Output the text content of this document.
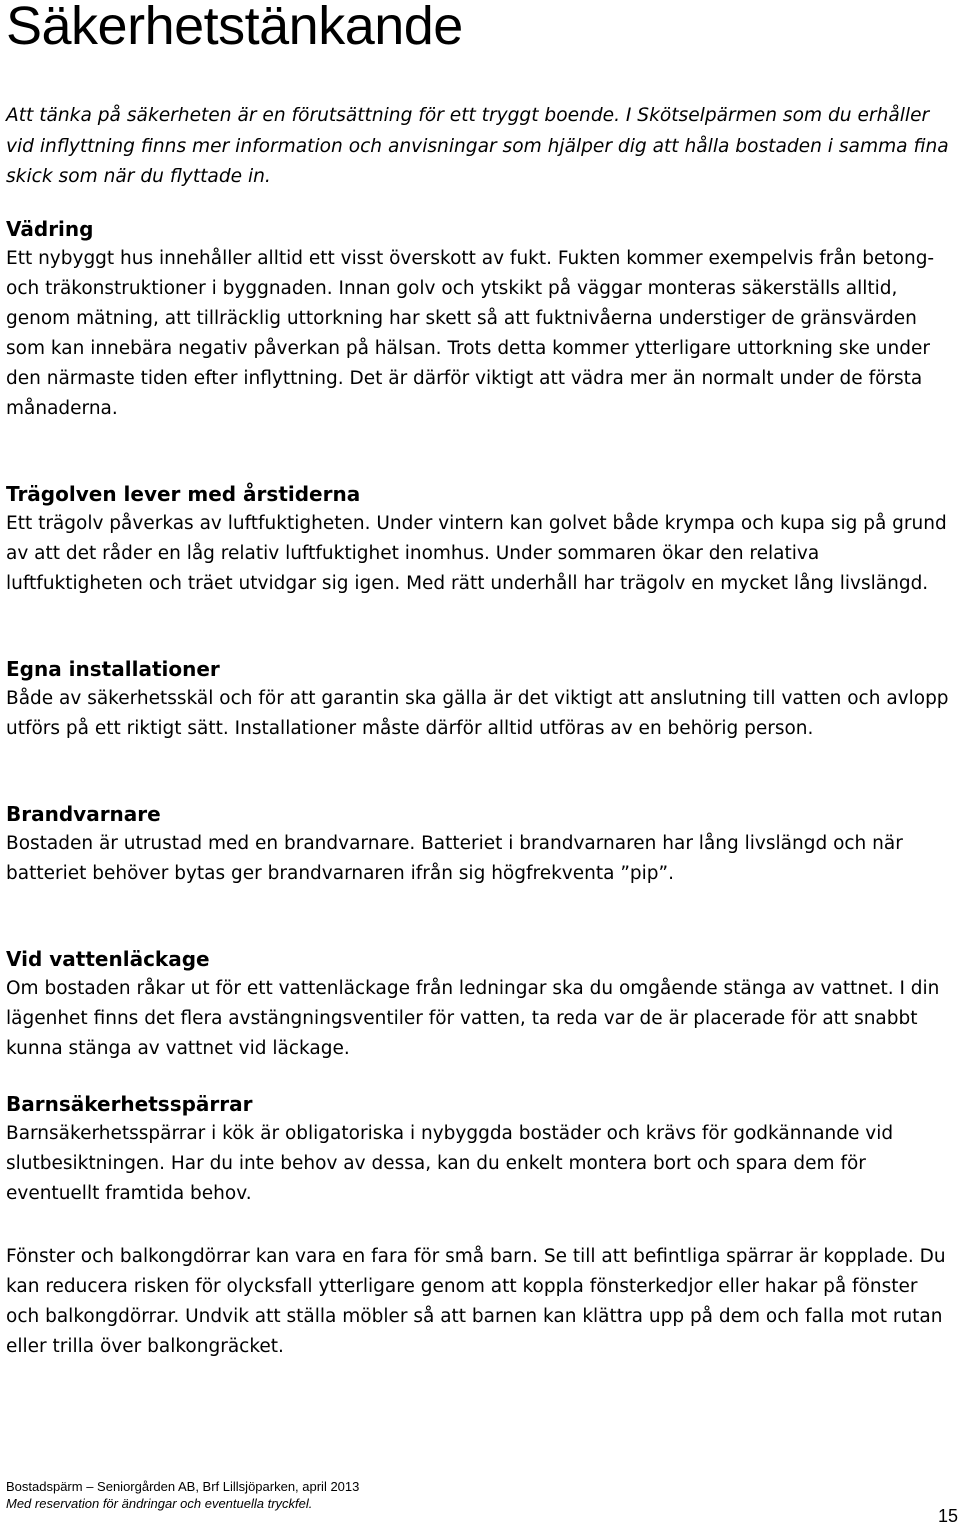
Säkerhetstänkande

Att tänka på säkerheten är en förutsättning för ett tryggt boende. I Skötselpärmen som du erhåller vid inflyttning finns mer information och anvisningar som hjälper dig att hålla bostaden i samma fina skick som när du flyttade in.

Vädring

Ett nybyggt hus innehåller alltid ett visst överskott av fukt. Fukten kommer exempelvis från betong- och träkonstruktioner i byggnaden. Innan golv och ytskikt på väggar monteras säkerställs alltid, genom mätning, att tillräcklig uttorkning har skett så att fuktnivåerna understiger de gränsvärden som kan innebära negativ påverkan på hälsan. Trots detta kommer ytterligare uttorkning ske under den närmaste tiden efter inflyttning. Det är därför viktigt att vädra mer än normalt under de första månaderna.

Trägolven lever med årstiderna

Ett trägolv påverkas av luftfuktigheten. Under vintern kan golvet både krympa och kupa sig på grund av att det råder en låg relativ luftfuktighet inomhus. Under sommaren ökar den relativa luftfuktigheten och träet utvidgar sig igen. Med rätt underhåll har trägolv en mycket lång livslängd.

Egna installationer

Både av säkerhetsskäl och för att garantin ska gälla är det viktigt att anslutning till vatten och avlopp utförs på ett riktigt sätt. Installationer måste därför alltid utföras av en behörig person.

Brandvarnare

Bostaden är utrustad med en brandvarnare. Batteriet i brandvarnaren har lång livslängd och när batteriet behöver bytas ger brandvarnaren ifrån sig högfrekventa ”pip”.

Vid vattenläckage

Om bostaden råkar ut för ett vattenläckage från ledningar ska du omgående stänga av vattnet. I din lägenhet finns det flera avstängningsventiler för vatten, ta reda var de är placerade för att snabbt kunna stänga av vattnet vid läckage.

Barnsäkerhetsspärrar

Barnsäkerhetsspärrar i kök är obligatoriska i nybyggda bostäder och krävs för godkännande vid slutbesiktningen. Har du inte behov av dessa, kan du enkelt montera bort och spara dem för eventuellt framtida behov.

Fönster och balkongdörrar kan vara en fara för små barn. Se till att befintliga spärrar är kopplade. Du kan reducera risken för olycksfall ytterligare genom att koppla fönsterkedjor eller hakar på fönster och balkongdörrar. Undvik att ställa möbler så att barnen kan klättra upp på dem och falla mot rutan eller trilla över balkongräcket.

Bostadspärm – Seniorgården AB, Brf Lillsjöparken, april 2013
Med reservation för ändringar och eventuella tryckfel.
15
